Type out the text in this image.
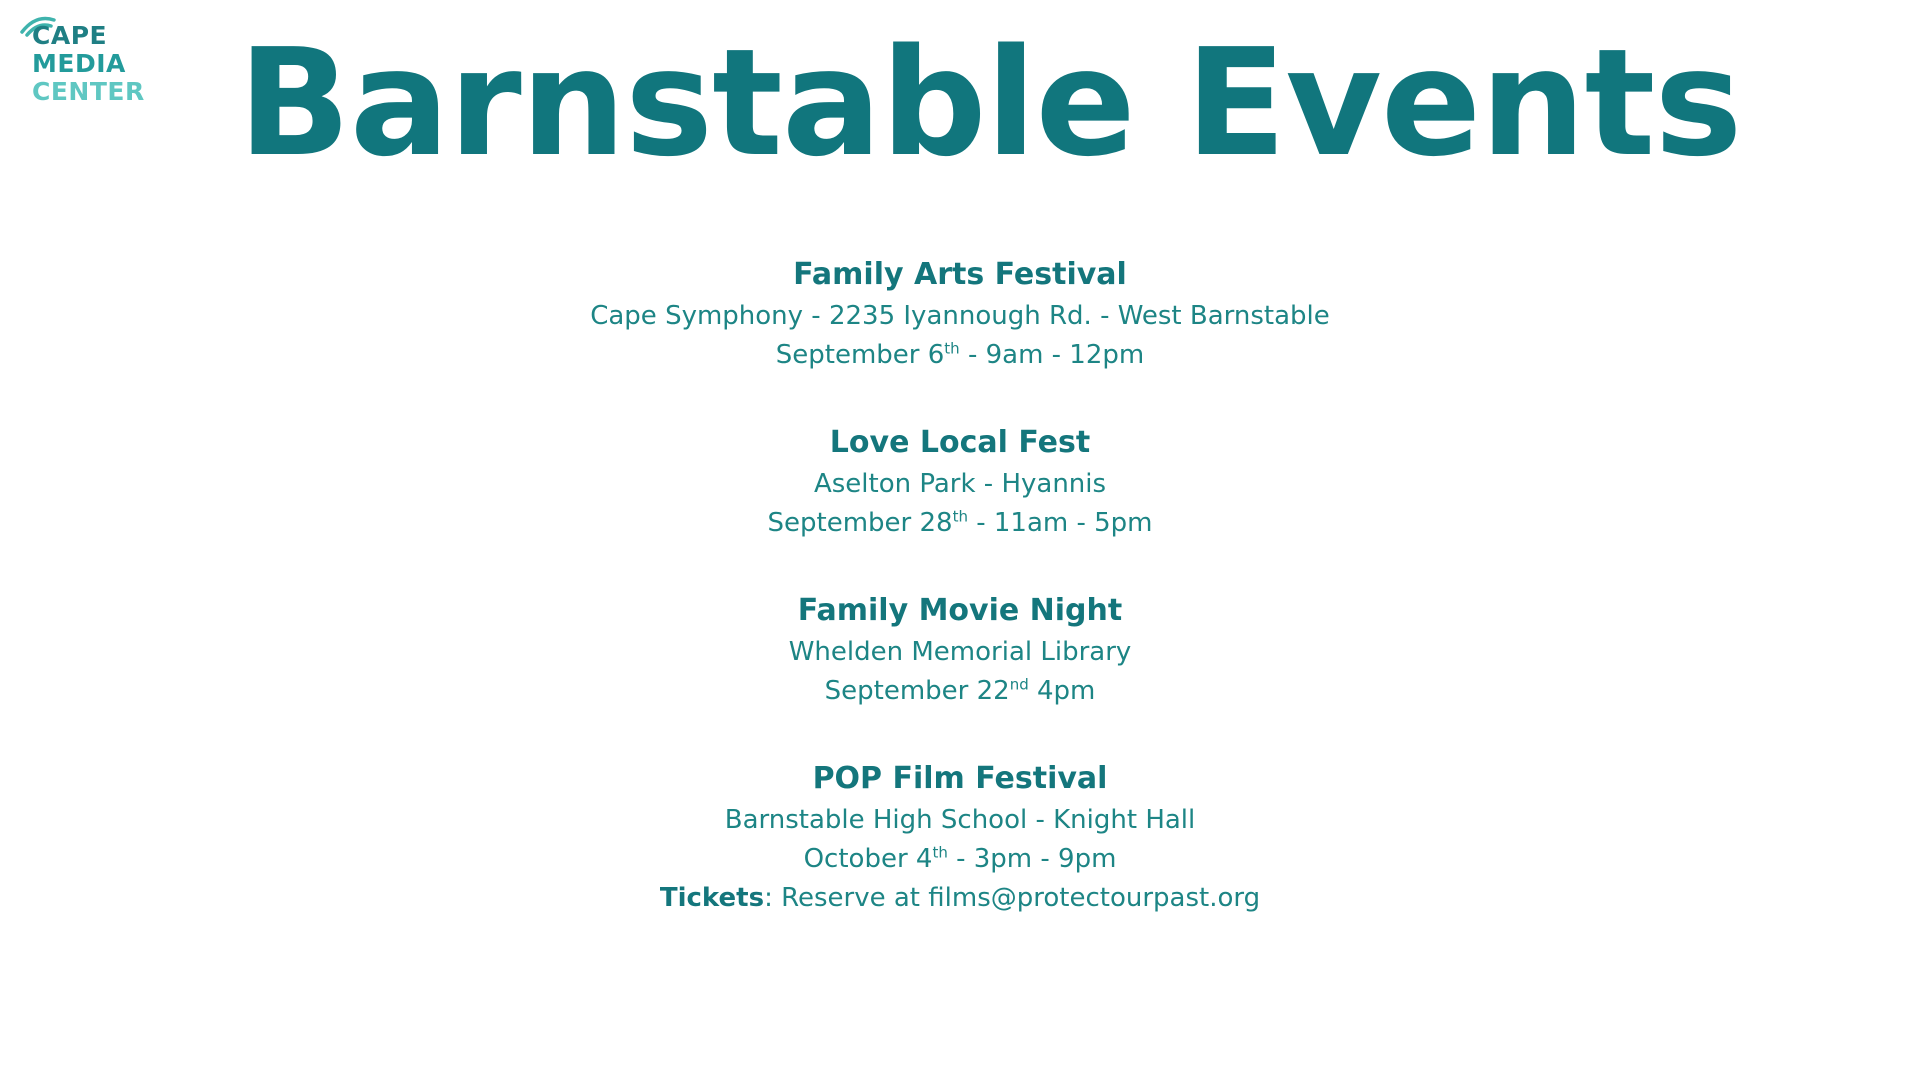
CAPE
MEDIA
CENTER Barnstable Events
Family Arts Festival
Cape Symphony - 2235 Iyannough Rd. - West Barnstable
September 6th - 9am - 12pm
Love Local Fest
Aselton Park - Hyannis
September 28th - 11am - 5pm
Family Movie Night
Whelden Memorial Library
September 22nd 4pm
POP Film Festival
Barnstable High School - Knight Hall
October 4th - 3pm - 9pm
Tickets: Reserve at films@protectourpast.org
